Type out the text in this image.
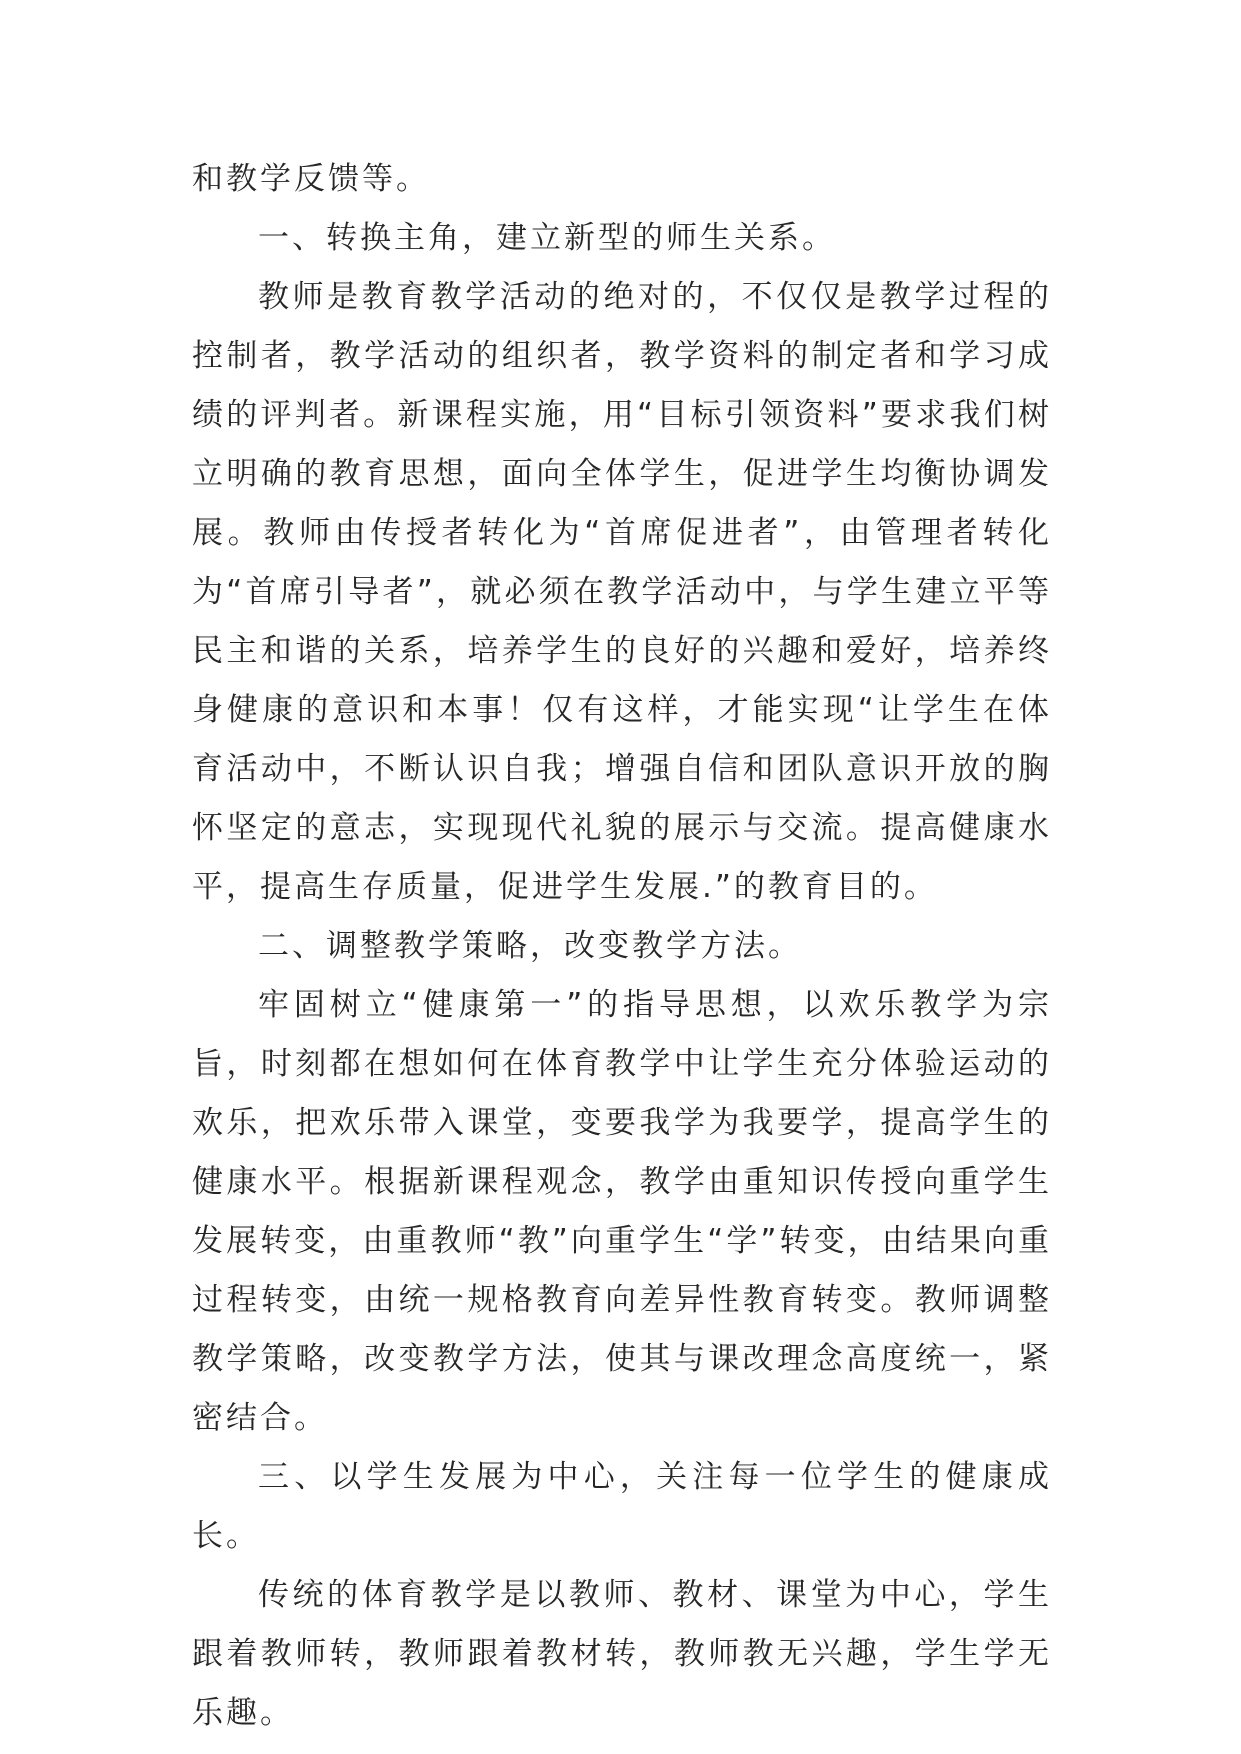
和教学反馈等。

一、转换主角，建立新型的师生关系。

教师是教育教学活动的绝对的，不仅仅是教学过程的控制者，教学活动的组织者，教学资料的制定者和学习成绩的评判者。新课程实施，用“目标引领资料”要求我们树立明确的教育思想，面向全体学生，促进学生均衡协调发展。教师由传授者转化为“首席促进者”，由管理者转化为“首席引导者”，就必须在教学活动中，与学生建立平等民主和谐的关系，培养学生的良好的兴趣和爱好，培养终身健康的意识和本事！仅有这样，才能实现“让学生在体育活动中，不断认识自我；增强自信和团队意识开放的胸怀坚定的意志，实现现代礼貌的展示与交流。提高健康水平，提高生存质量，促进学生发展.”的教育目的。

二、调整教学策略，改变教学方法。

牢固树立“健康第一”的指导思想，以欢乐教学为宗旨，时刻都在想如何在体育教学中让学生充分体验运动的欢乐，把欢乐带入课堂，变要我学为我要学，提高学生的健康水平。根据新课程观念，教学由重知识传授向重学生发展转变，由重教师“教”向重学生“学”转变，由结果向重过程转变，由统一规格教育向差异性教育转变。教师调整教学策略，改变教学方法，使其与课改理念高度统一，紧密结合。

三、以学生发展为中心，关注每一位学生的健康成长。

传统的体育教学是以教师、教材、课堂为中心，学生跟着教师转，教师跟着教材转，教师教无兴趣，学生学无乐趣。
